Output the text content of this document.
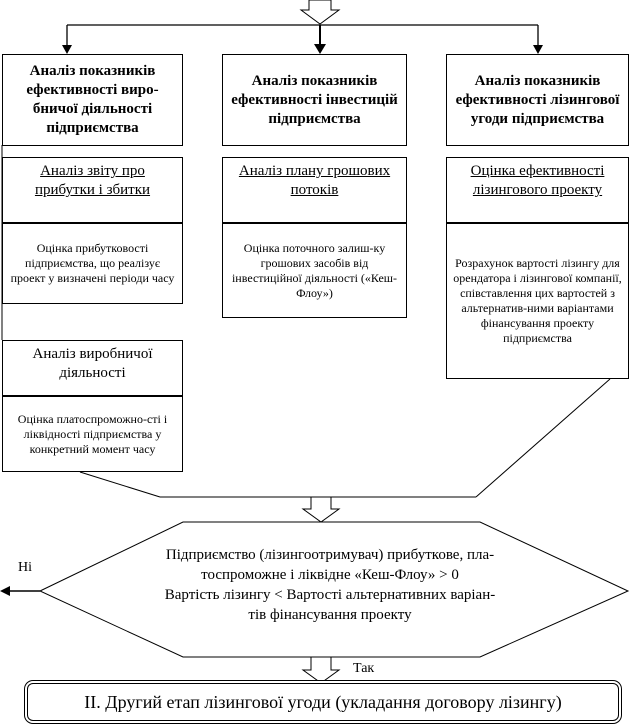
Аналіз показників ефективності виро-бничої діяльності підприємства
Аналіз звіту про прибутки і збитки
Оцінка прибутковості підприємства, що реалізує проект у визначені періоди часу
Аналіз виробничої діяльності
Оцінка платоспроможно-сті і ліквідності підприємства у конкретний момент часу
Аналіз показників ефективності інвестицій підприємства
Аналіз плану грошових потоків
Оцінка поточного залиш-ку грошових засобів від інвестиційної діяльності («Кеш-Флоу»)
Аналіз показників ефективності лізингової угоди підприємства
Оцінка ефективності лізингового проекту
Розрахунок вартості лізингу для орендатора і лізингової компанії, співставлення цих вартостей з альтернатив-ними варіантами фінансування проекту підприємства
Підприємство (лізингоотримувач) прибуткове, пла-
тоспроможне і ліквідне «Кеш-Флоу» > 0
Вартість лізингу < Вартості альтернативних варіан-
тів фінансування проекту
Ні
Так
ІІ. Другий етап лізингової угоди (укладання договору лізингу)
